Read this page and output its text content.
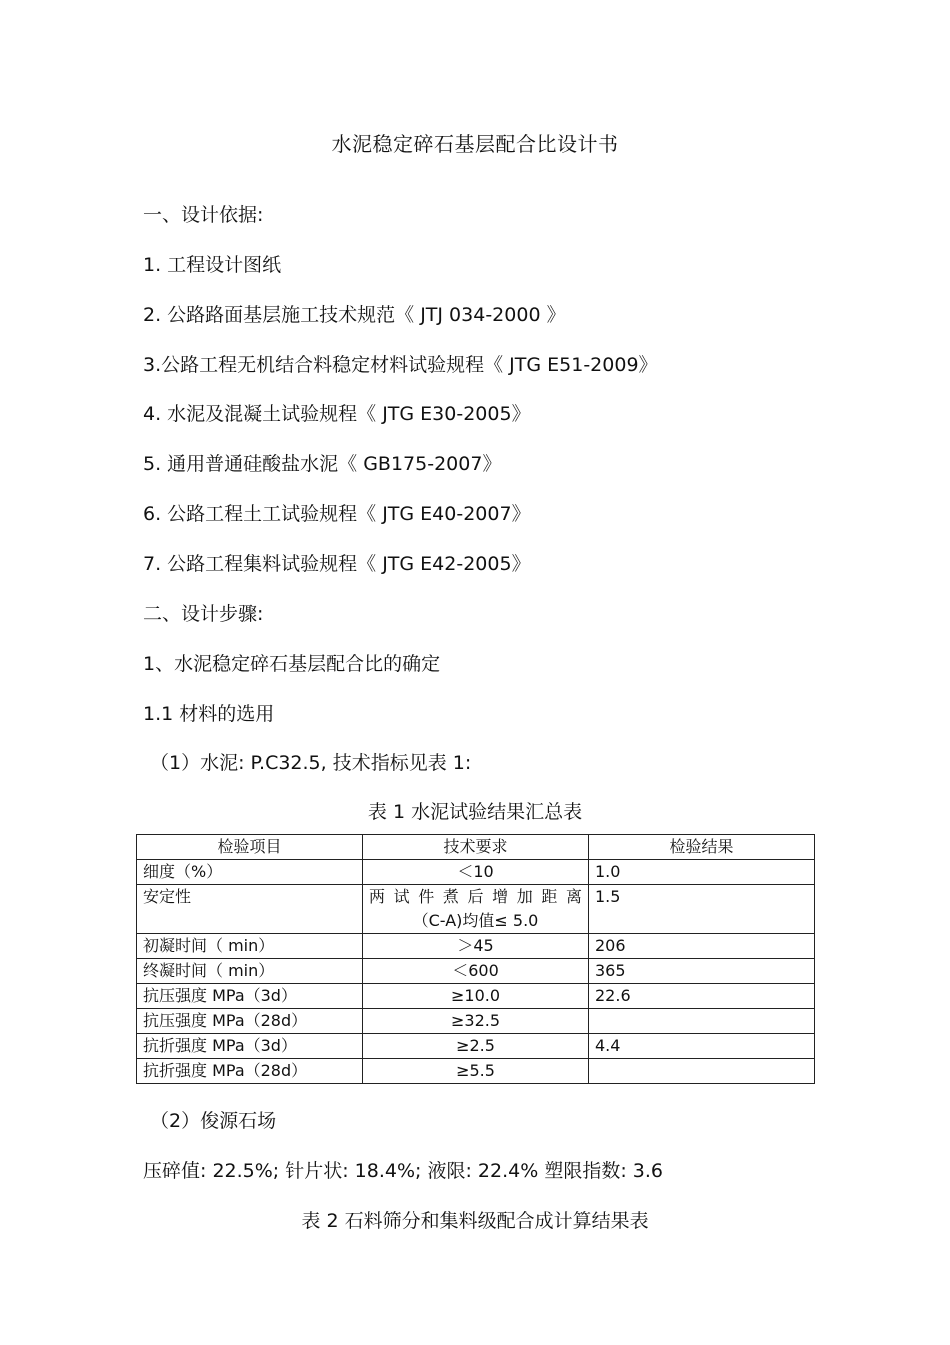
水泥稳定碎石基层配合比设计书
一、设计依据:
1. 工程设计图纸
2. 公路路面基层施工技术规范《 JTJ 034-2000 》
3.公路工程无机结合料稳定材料试验规程《 JTG E51-2009》
4. 水泥及混凝土试验规程《 JTG E30-2005》
5. 通用普通硅酸盐水泥《 GB175-2007》
6. 公路工程土工试验规程《 JTG E40-2007》
7. 公路工程集料试验规程《 JTG E42-2005》
二、设计步骤:
1、水泥稳定碎石基层配合比的确定
1.1 材料的选用
（1）水泥: P.C32.5, 技术指标见表 1:
表 1 水泥试验结果汇总表
检验项目	技术要求	检验结果
细度（%）	＜10	1.0
安定性	两 试 件 煮 后 增 加 距 离 （C-A)均值≤ 5.0	1.5
初凝时间（ min）	＞45	206
终凝时间（ min）	＜600	365
抗压强度 MPa（3d）	≥10.0	22.6
抗压强度 MPa（28d）	≥32.5	
抗折强度 MPa（3d）	≥2.5	4.4
抗折强度 MPa（28d）	≥5.5	
（2）俊源石场
压碎值: 22.5%; 针片状: 18.4%; 液限: 22.4% 塑限指数: 3.6
表 2 石料筛分和集料级配合成计算结果表
